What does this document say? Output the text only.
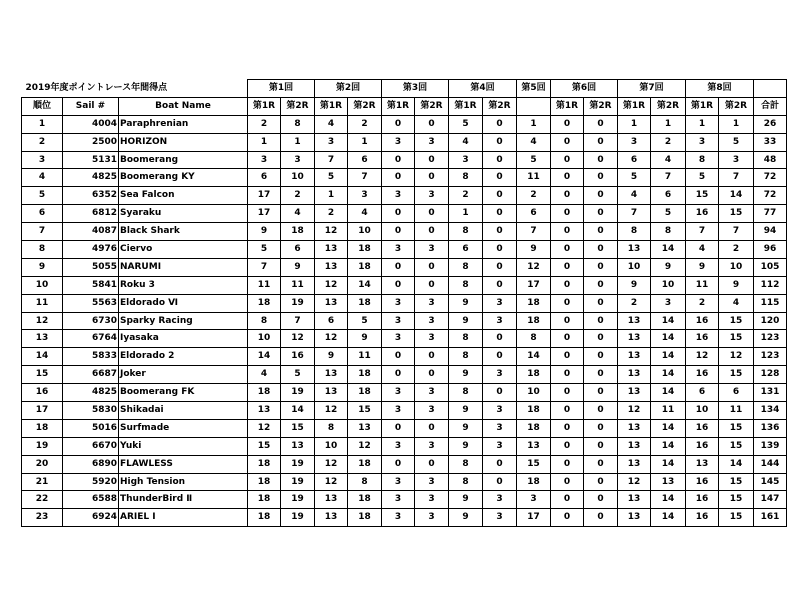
2019年度ポイントレース年間得点			第1回		第2回		第3回		第4回		第5回	第6回		第7回		第8回		
順位	Sail #	Boat Name	第1R	第2R	第1R	第2R	第1R	第2R	第1R	第2R		第1R	第2R	第1R	第2R	第1R	第2R	合計
1	4004	Paraphrenian	2	8	4	2	0	0	5	0	1	0	0	1	1	1	1	26
2	2500	HORIZON	1	1	3	1	3	3	4	0	4	0	0	3	2	3	5	33
3	5131	Boomerang	3	3	7	6	0	0	3	0	5	0	0	6	4	8	3	48
4	4825	Boomerang KY	6	10	5	7	0	0	8	0	11	0	0	5	7	5	7	72
5	6352	Sea Falcon	17	2	1	3	3	3	2	0	2	0	0	4	6	15	14	72
6	6812	Syaraku	17	4	2	4	0	0	1	0	6	0	0	7	5	16	15	77
7	4087	Black Shark	9	18	12	10	0	0	8	0	7	0	0	8	8	7	7	94
8	4976	Ciervo	5	6	13	18	3	3	6	0	9	0	0	13	14	4	2	96
9	5055	NARUMI	7	9	13	18	0	0	8	0	12	0	0	10	9	9	10	105
10	5841	Roku 3	11	11	12	14	0	0	8	0	17	0	0	9	10	11	9	112
11	5563	Eldorado Ⅵ	18	19	13	18	3	3	9	3	18	0	0	2	3	2	4	115
12	6730	Sparky Racing	8	7	6	5	3	3	9	3	18	0	0	13	14	16	15	120
13	6764	Iyasaka	10	12	12	9	3	3	8	0	8	0	0	13	14	16	15	123
14	5833	Eldorado 2	14	16	9	11	0	0	8	0	14	0	0	13	14	12	12	123
15	6687	Joker	4	5	13	18	0	0	9	3	18	0	0	13	14	16	15	128
16	4825	Boomerang FK	18	19	13	18	3	3	8	0	10	0	0	13	14	6	6	131
17	5830	Shikadai	13	14	12	15	3	3	9	3	18	0	0	12	11	10	11	134
18	5016	Surfmade	12	15	8	13	0	0	9	3	18	0	0	13	14	16	15	136
19	6670	Yuki	15	13	10	12	3	3	9	3	13	0	0	13	14	16	15	139
20	6890	FLAWLESS	18	19	12	18	0	0	8	0	15	0	0	13	14	13	14	144
21	5920	High Tension	18	19	12	8	3	3	8	0	18	0	0	12	13	16	15	145
22	6588	ThunderBird Ⅱ	18	19	13	18	3	3	9	3	3	0	0	13	14	16	15	147
23	6924	ARIEL Ⅰ	18	19	13	18	3	3	9	3	17	0	0	13	14	16	15	161
